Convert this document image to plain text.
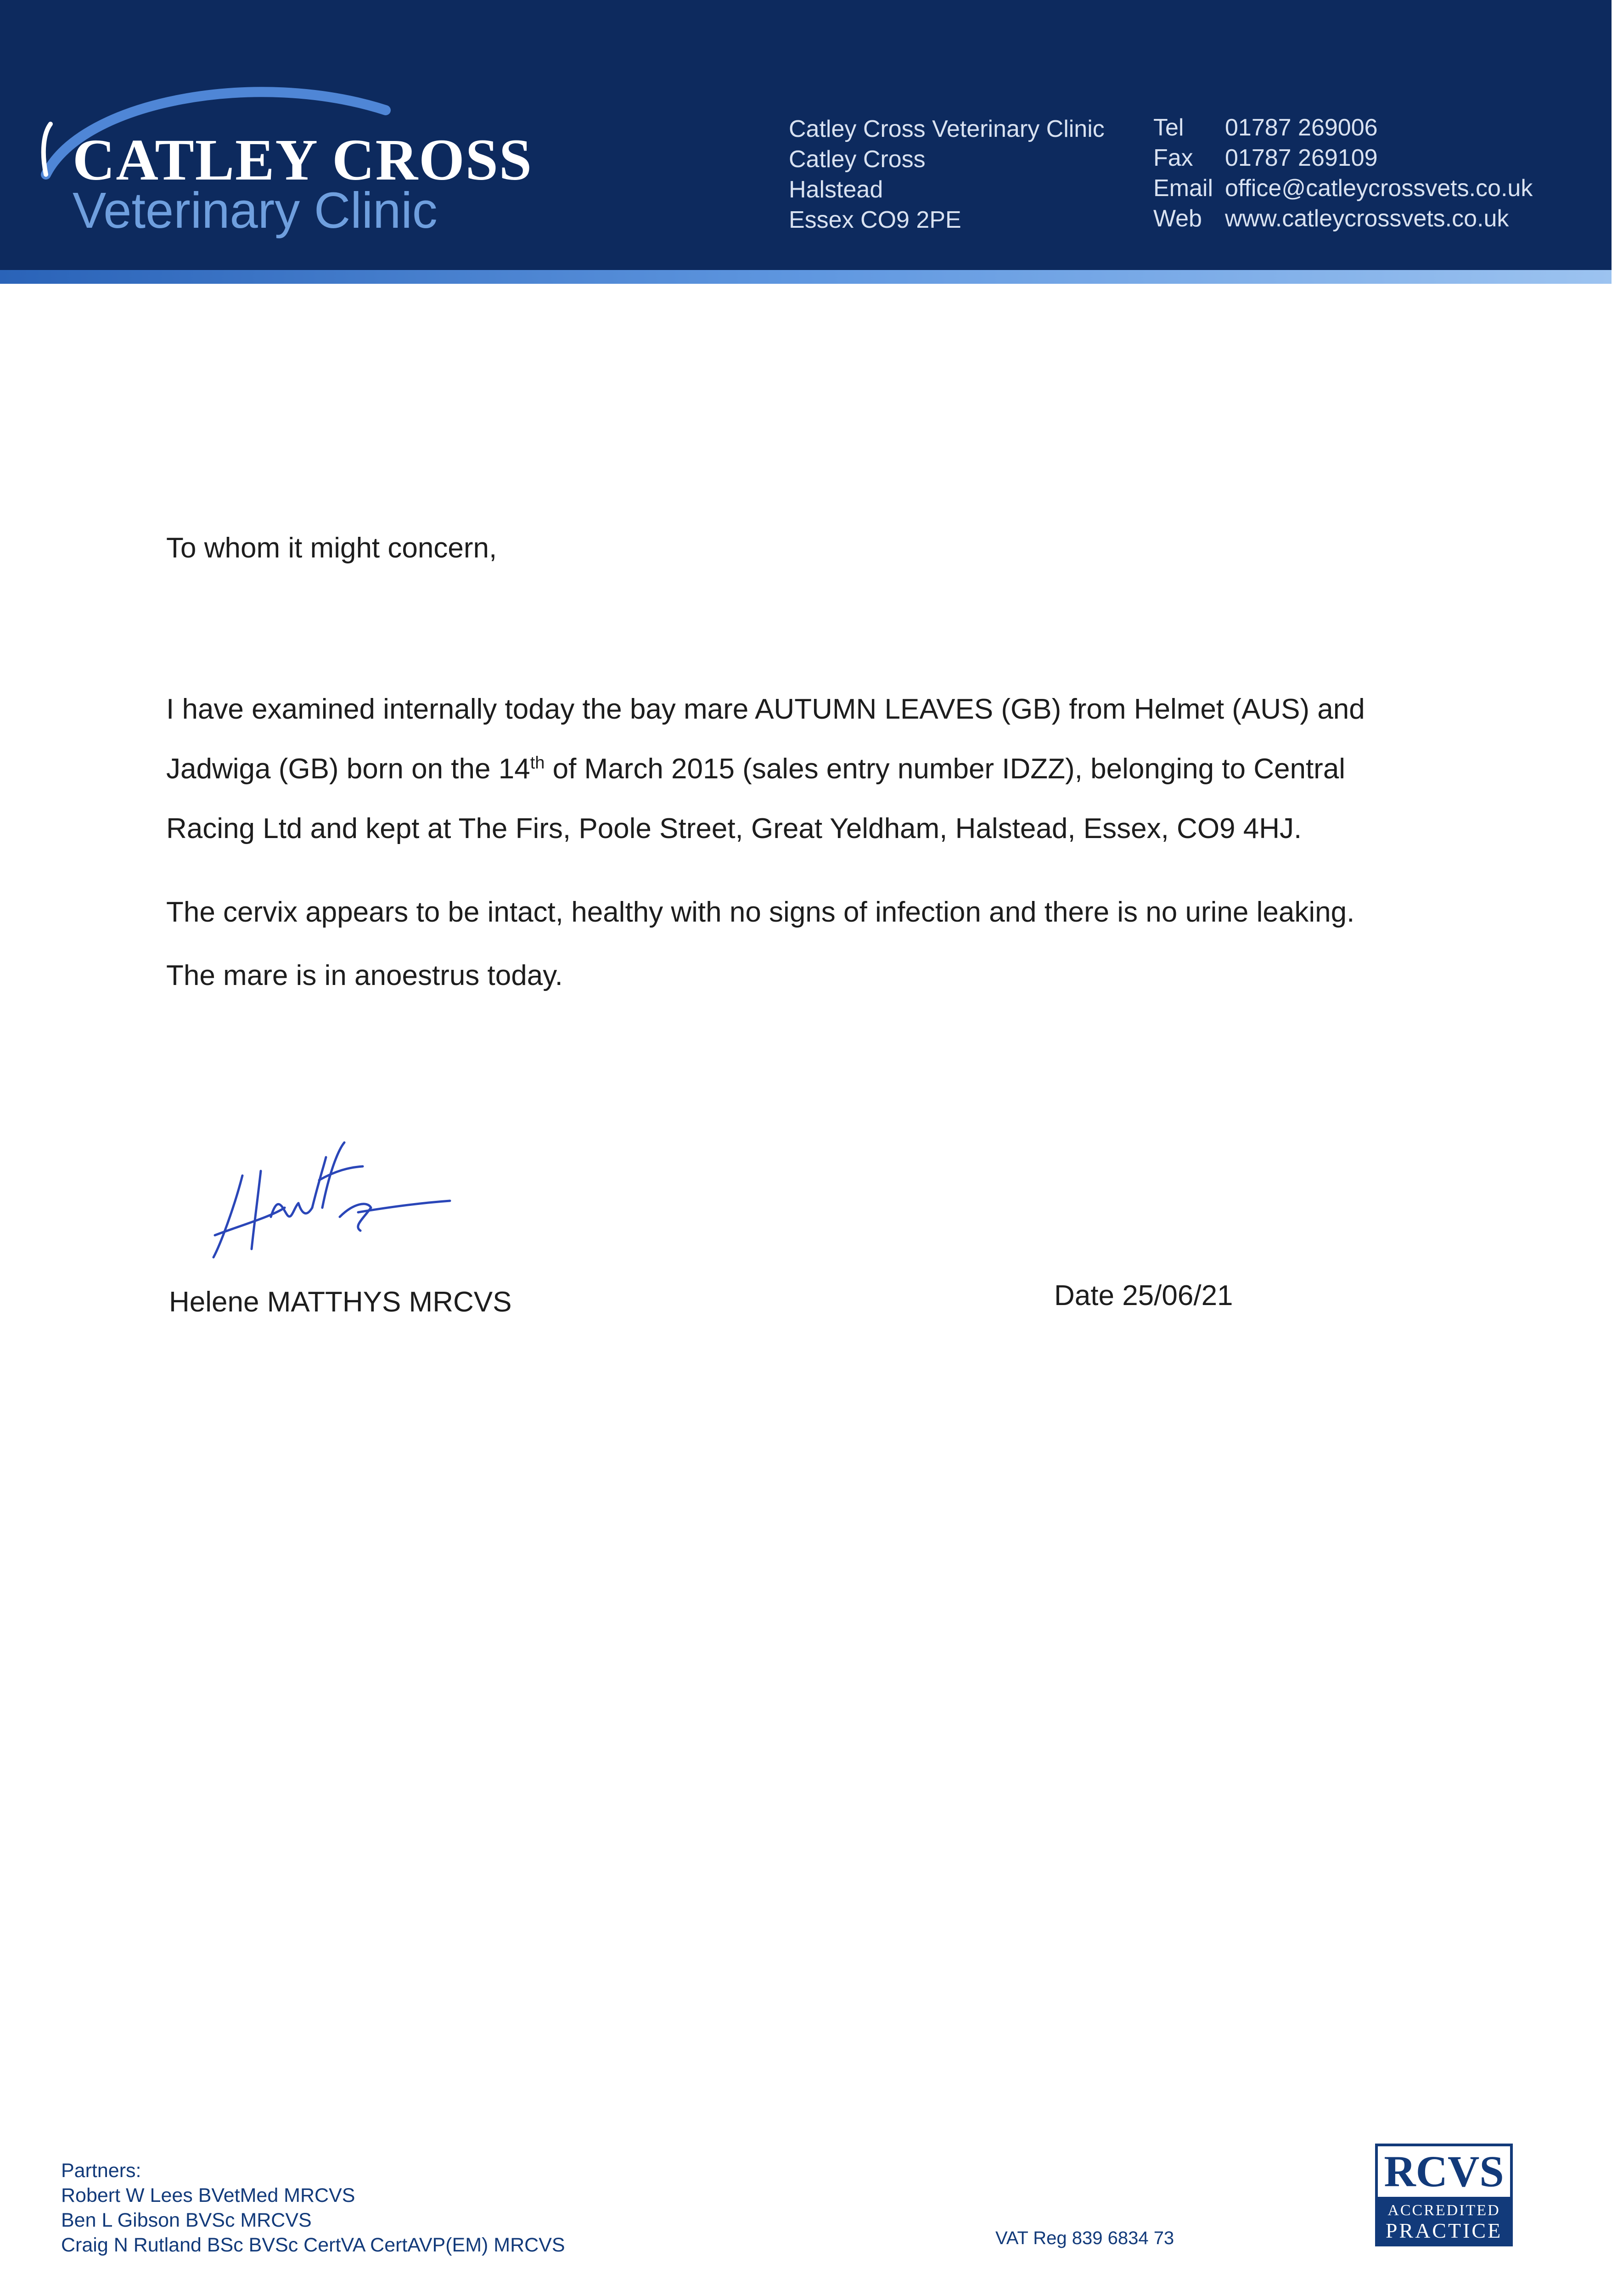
CATLEY CROSS
Veterinary Clinic
Catley Cross Veterinary Clinic
Catley Cross
Halstead
Essex CO9 2PE
Tel 01787 269006
Fax 01787 269109
Email office@catleycrossvets.co.uk
Web www.catleycrossvets.co.uk
To whom it might concern,
I have examined internally today the bay mare AUTUMN LEAVES (GB) from Helmet (AUS) and Jadwiga (GB) born on the 14th of March 2015 (sales entry number IDZZ), belonging to Central Racing Ltd and kept at The Firs, Poole Street, Great Yeldham, Halstead, Essex, CO9 4HJ.
The cervix appears to be intact, healthy with no signs of infection and there is no urine leaking. The mare is in anoestrus today.
Helene MATTHYS MRCVS	Date 25/06/21
Partners:
Robert W Lees BVetMed MRCVS
Ben L Gibson BVSc MRCVS
Craig N Rutland BSc BVSc CertVA CertAVP(EM) MRCVS	VAT Reg 839 6834 73
RCVS
ACCREDITED
PRACTICE
